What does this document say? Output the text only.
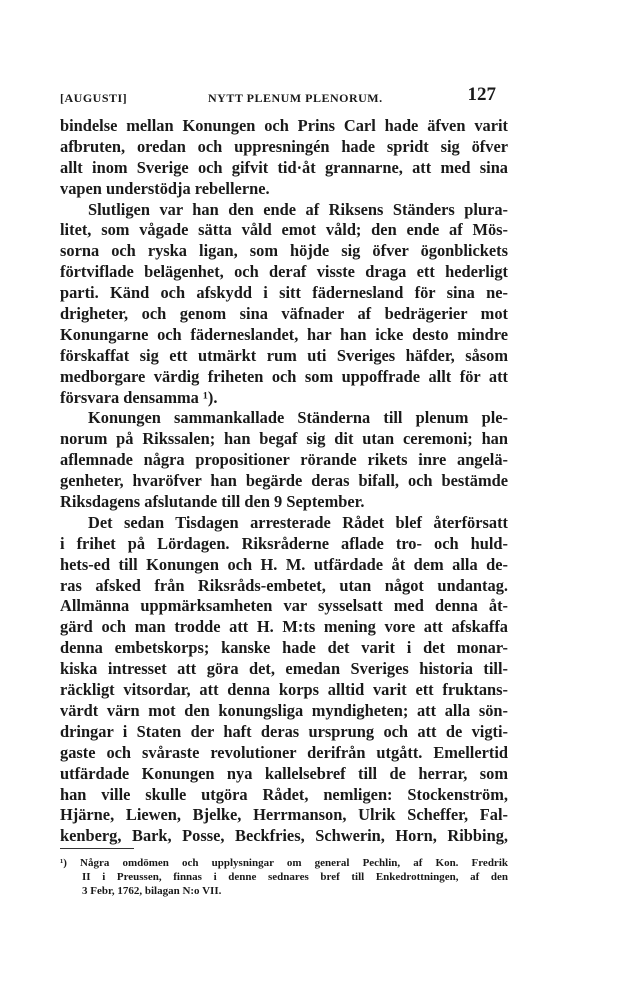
[AUGUSTI]	NYTT PLENUM PLENORUM.	127
bindelse mellan Konungen och Prins Carl hade äfven varit
afbruten, oredan och uppresningén hade spridt sig öfver
allt inom Sverige och gifvit tid·åt grannarne, att med sina
vapen understödja rebellerne.
Slutligen var han den ende af Riksens Ständers plura-
litet, som vågade sätta våld emot våld; den ende af Mös-
sorna och ryska ligan, som höjde sig öfver ögonblickets
förtviflade belägenhet, och deraf visste draga ett hederligt
parti. Känd och afskydd i sitt fädernesland för sina ne-
drigheter, och genom sina väfnader af bedrägerier mot
Konungarne och fäderneslandet, har han icke desto mindre
förskaffat sig ett utmärkt rum uti Sveriges häfder, såsom
medborgare värdig friheten och som uppoffrade allt för att
försvara densamma ¹).
Konungen sammankallade Ständerna till plenum ple-
norum på Rikssalen; han begaf sig dit utan ceremoni; han
aflemnade några propositioner rörande rikets inre angelä-
genheter, hvaröfver han begärde deras bifall, och bestämde
Riksdagens afslutande till den 9 September.
Det sedan Tisdagen arresterade Rådet blef återförsatt
i frihet på Lördagen. Riksråderne aflade tro- och huld-
hets-ed till Konungen och H. M. utfärdade åt dem alla de-
ras afsked från Riksråds-embetet, utan något undantag.
Allmänna uppmärksamheten var sysselsatt med denna åt-
gärd och man trodde att H. M:ts mening vore att afskaffa
denna embetskorps; kanske hade det varit i det monar-
kiska intresset att göra det, emedan Sveriges historia till-
räckligt vitsordar, att denna korps alltid varit ett fruktans-
värdt värn mot den konungsliga myndigheten; att alla sön-
dringar i Staten der haft deras ursprung och att de vigti-
gaste och svåraste revolutioner derifrån utgått. Emellertid
utfärdade Konungen nya kallelsebref till de herrar, som
han ville skulle utgöra Rådet, nemligen: Stockenström,
Hjärne, Liewen, Bjelke, Herrmanson, Ulrik Scheffer, Fal-
kenberg, Bark, Posse, Beckfries, Schwerin, Horn, Ribbing,
¹) Några omdömen och upplysningar om general Pechlin, af Kon. Fredrik
II i Preussen, finnas i denne sednares bref till Enkedrottningen, af den
3 Febr, 1762, bilagan N:o VII.
